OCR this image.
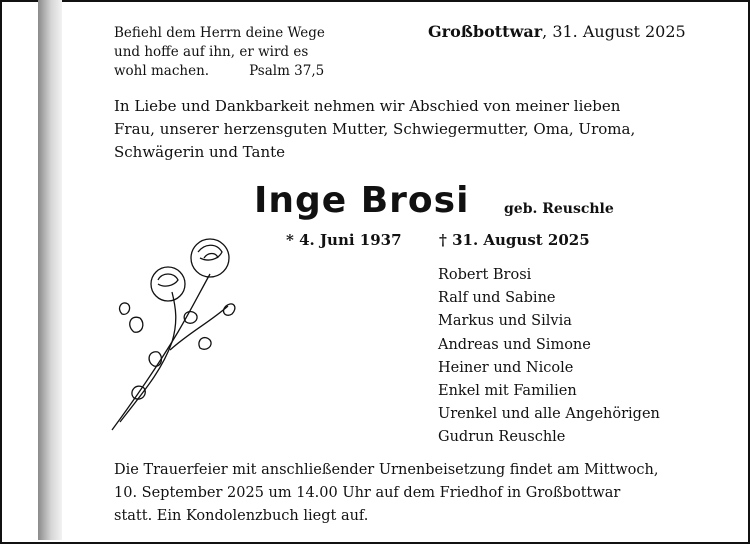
Befiehl dem Herrn deine Wege
und hoffe auf ihn, er wird es
wohl machen.	Psalm 37,5
Großbottwar, 31. August 2025
In Liebe und Dankbarkeit nehmen wir Abschied von meiner lieben
Frau, unserer herzensguten Mutter, Schwiegermutter, Oma, Uroma,
Schwägerin und Tante
Inge Brosi geb. Reuschle
* 4. Juni 1937 † 31. August 2025
Robert Brosi
Ralf und Sabine
Markus und Silvia
Andreas und Simone
Heiner und Nicole
Enkel mit Familien
Urenkel und alle Angehörigen
Gudrun Reuschle
Die Trauerfeier mit anschließender Urnenbeisetzung findet am Mittwoch,
10. September 2025 um 14.00 Uhr auf dem Friedhof in Großbottwar
statt. Ein Kondolenzbuch liegt auf.
